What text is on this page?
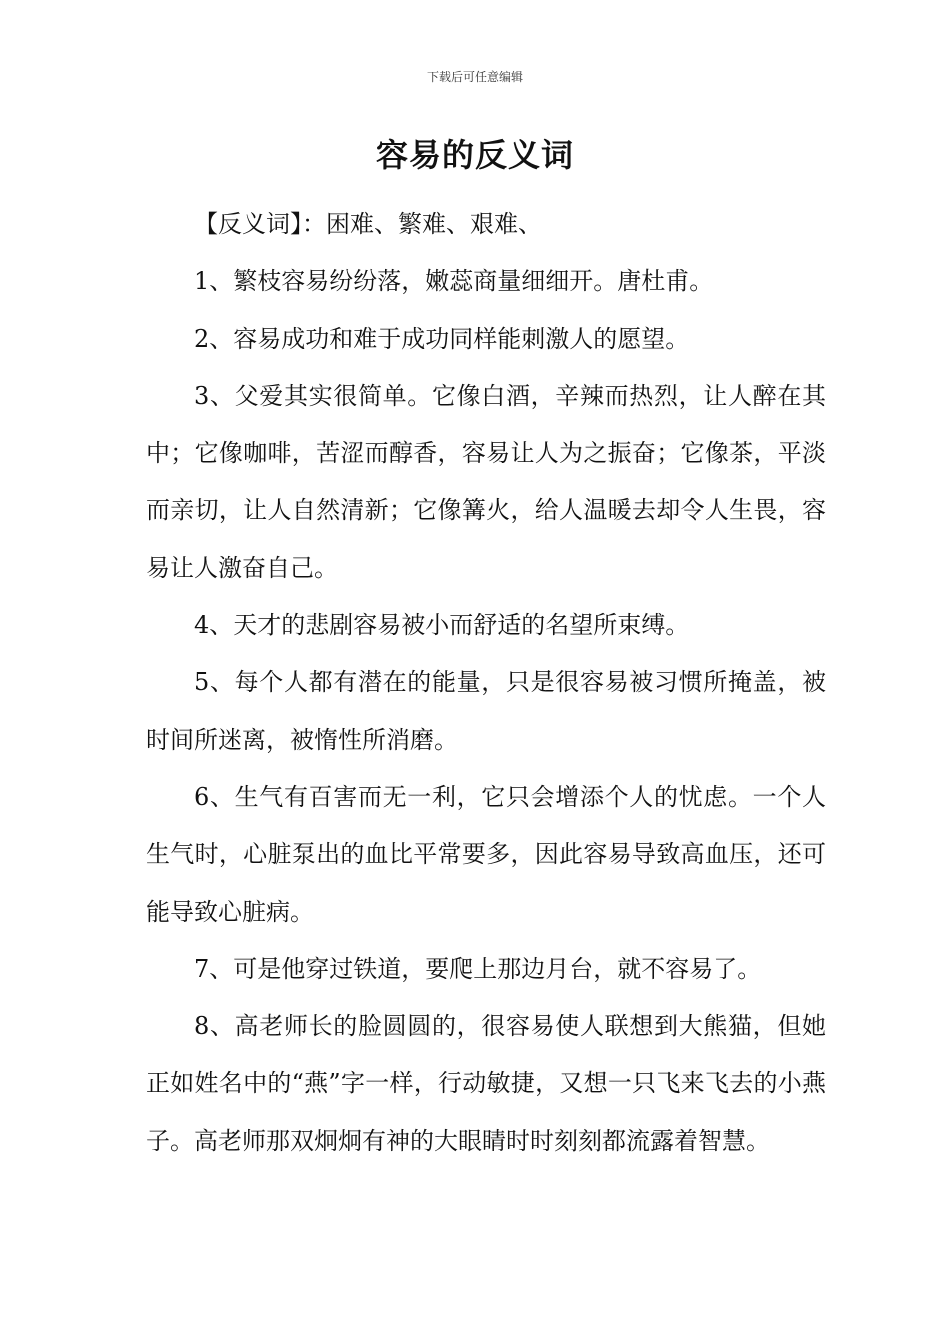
下载后可任意编辑
容易的反义词

【反义词】：困难、繁难、艰难、

1、繁枝容易纷纷落，嫩蕊商量细细开。唐杜甫。

2、容易成功和难于成功同样能刺激人的愿望。

3、父爱其实很简单。它像白酒，辛辣而热烈，让人醉在其中；它像咖啡，苦涩而醇香，容易让人为之振奋；它像茶，平淡而亲切，让人自然清新；它像篝火，给人温暖去却令人生畏，容易让人激奋自己。

4、天才的悲剧容易被小而舒适的名望所束缚。

5、每个人都有潜在的能量，只是很容易被习惯所掩盖，被时间所迷离，被惰性所消磨。

6、生气有百害而无一利，它只会增添个人的忧虑。一个人生气时，心脏泵出的血比平常要多，因此容易导致高血压，还可能导致心脏病。

7、可是他穿过铁道，要爬上那边月台，就不容易了。

8、高老师长的脸圆圆的，很容易使人联想到大熊猫，但她正如姓名中的“燕”字一样，行动敏捷，又想一只飞来飞去的小燕子。高老师那双炯炯有神的大眼睛时时刻刻都流露着智慧。
